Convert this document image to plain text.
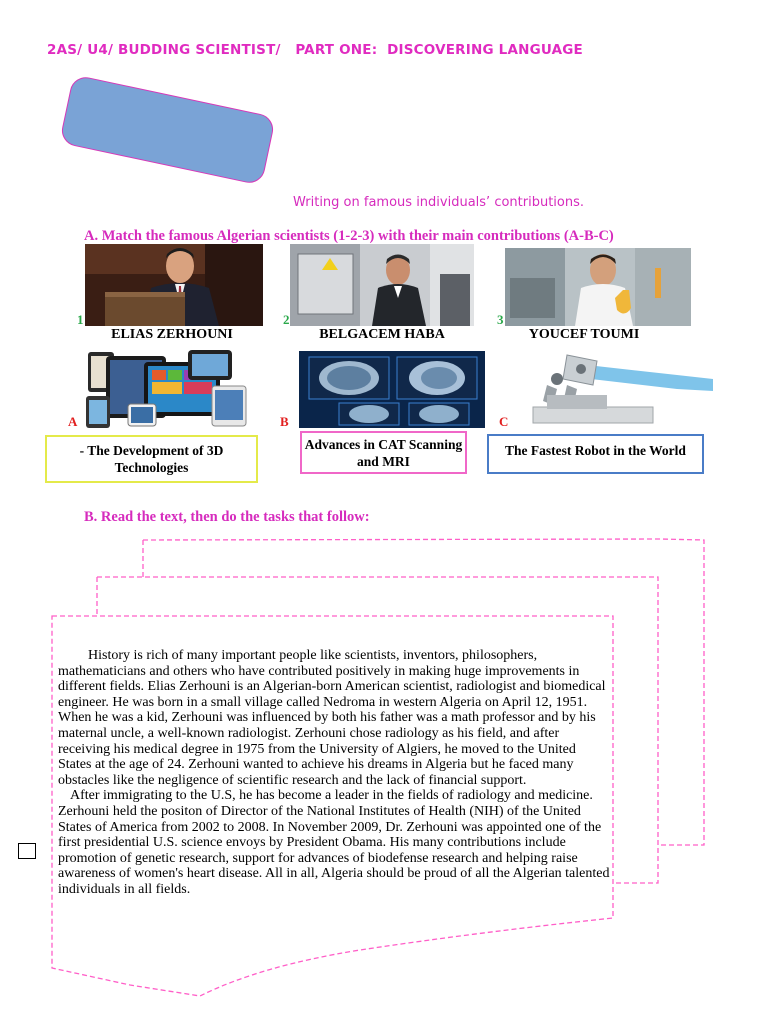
2AS/ U4/ BUDDING SCIENTIST/   PART ONE:  DISCOVERING LANGUAGE
Writing on famous individuals’ contributions.
A. Match the famous Algerian scientists (1-2-3) with their main contributions (A-B-C)
1
ELIAS ZERHOUNI
2
BELGACEM HABA
3
YOUCEF TOUMI
A	B	C
- The Development of 3D Technologies
Advances in CAT Scanning and MRI
The Fastest Robot in the World
B. Read the text, then do the tasks that follow:

History is rich of many important people like scientists, inventors, philosophers, mathematicians and others who have contributed positively in making huge improvements in different fields. Elias Zerhouni is an Algerian-born American scientist, radiologist and biomedical engineer. He was born in a small village called Nedroma in western Algeria on April 12, 1951. When he was a kid, Zerhouni was influenced by both his father was a math professor and by his maternal uncle, a well-known radiologist. Zerhouni chose radiology as his field, and after receiving his medical degree in 1975 from the University of Algiers, he moved to the United States at the age of 24. Zerhouni wanted to achieve his dreams in Algeria but he faced many obstacles like the negligence of scientific research and the lack of financial support.

After immigrating to the U.S, he has become a leader in the fields of radiology and medicine. Zerhouni held the positon of Director of the National Institutes of Health (NIH) of the United States of America from 2002 to 2008. In November 2009, Dr. Zerhouni was appointed one of the first presidential U.S. science envoys by President Obama. His many contributions include promotion of genetic research, support for advances of biodefense research and helping raise awareness of women's heart disease. All in all, Algeria should be proud of all the Algerian talented individuals in all fields.
